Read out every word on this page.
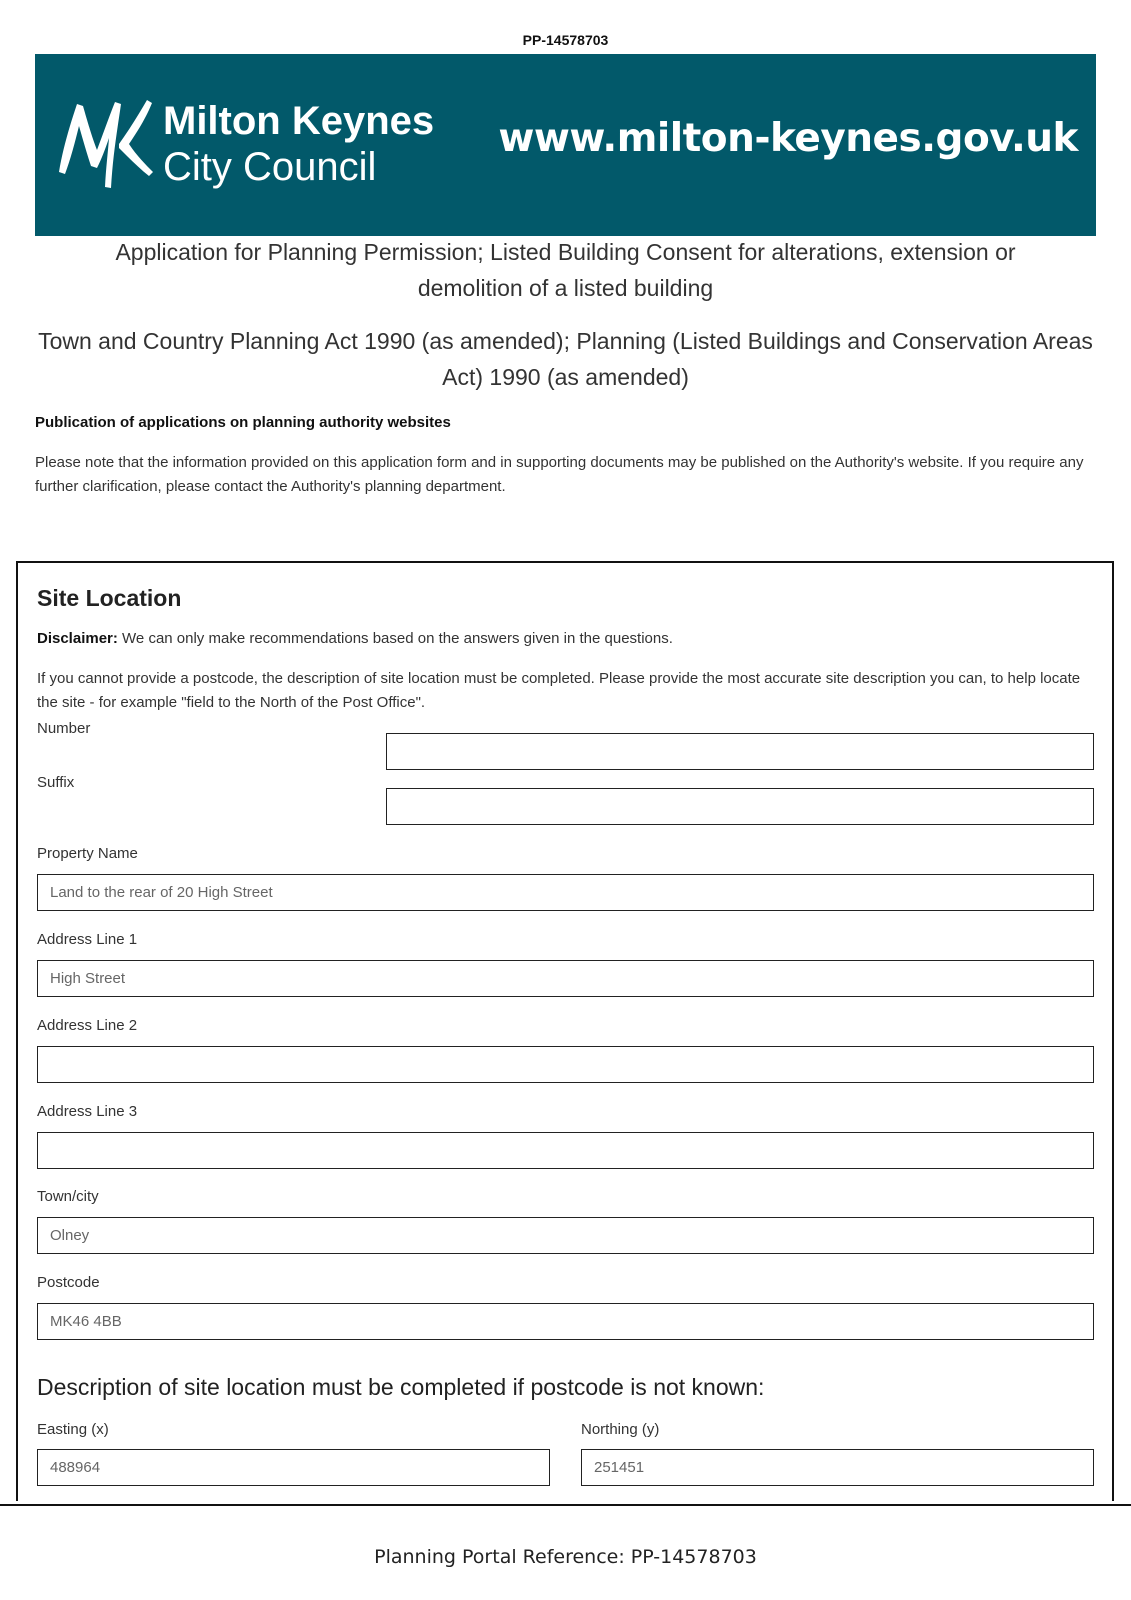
PP-14578703
Milton Keynes
City Council
www.milton-keynes.gov.uk
Application for Planning Permission; Listed Building Consent for alterations, extension or demolition of a listed building
Town and Country Planning Act 1990 (as amended); Planning (Listed Buildings and Conservation Areas Act) 1990 (as amended)
Publication of applications on planning authority websites
Please note that the information provided on this application form and in supporting documents may be published on the Authority's website. If you require any further clarification, please contact the Authority's planning department.
Site Location
Disclaimer: We can only make recommendations based on the answers given in the questions.
If you cannot provide a postcode, the description of site location must be completed. Please provide the most accurate site description you can, to help locate the site - for example "field to the North of the Post Office".
Number
Suffix
Property Name
Land to the rear of 20 High Street
Address Line 1
High Street
Address Line 2
Address Line 3
Town/city
Olney
Postcode
MK46 4BB
Description of site location must be completed if postcode is not known:
Easting (x)
488964
Northing (y)
251451
Planning Portal Reference: PP-14578703
